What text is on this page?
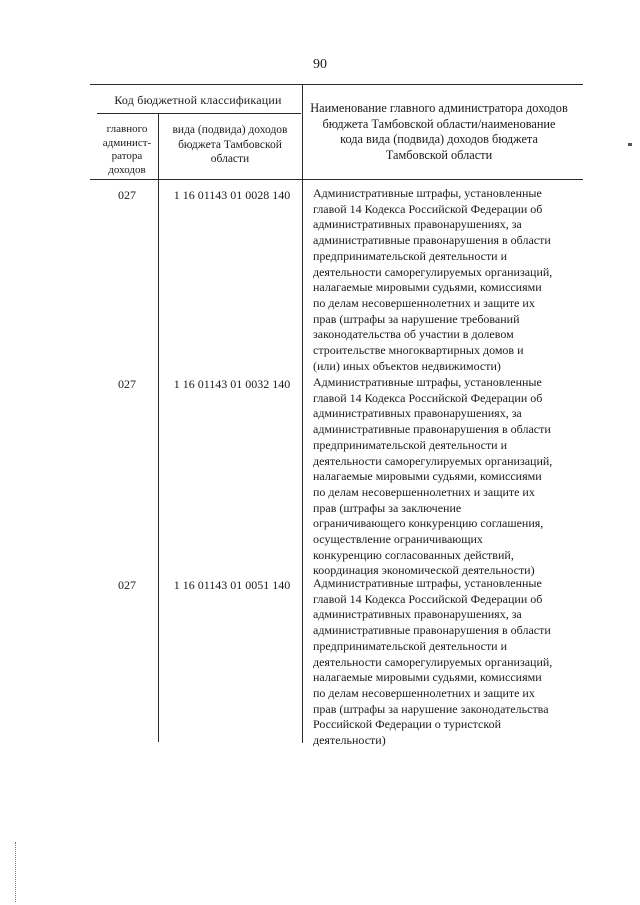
90
Код бюджетной классификации
главного
админист-
ратора
доходов
вида (подвида) доходов бюджета Тамбовской области
Наименование главного администратора доходов бюджета Тамбовской области/наименование кода вида (подвида) доходов бюджета Тамбовской области
027	1 16 01143 01 0028 140	Административные штрафы, установленные
главой 14 Кодекса Российской Федерации об
административных правонарушениях, за
административные правонарушения в области
предпринимательской деятельности и
деятельности саморегулируемых организаций,
налагаемые мировыми судьями, комиссиями
по делам несовершеннолетних и защите их
прав (штрафы за нарушение требований
законодательства об участии в долевом
строительстве многоквартирных домов и
(или) иных объектов недвижимости)
027	1 16 01143 01 0032 140	Административные штрафы, установленные
главой 14 Кодекса Российской Федерации об
административных правонарушениях, за
административные правонарушения в области
предпринимательской деятельности и
деятельности саморегулируемых организаций,
налагаемые мировыми судьями, комиссиями
по делам несовершеннолетних и защите их
прав (штрафы за заключение
ограничивающего конкуренцию соглашения,
осуществление ограничивающих
конкуренцию согласованных действий,
координация экономической деятельности)
027	1 16 01143 01 0051 140	Административные штрафы, установленные
главой 14 Кодекса Российской Федерации об
административных правонарушениях, за
административные правонарушения в области
предпринимательской деятельности и
деятельности саморегулируемых организаций,
налагаемые мировыми судьями, комиссиями
по делам несовершеннолетних и защите их
прав (штрафы за нарушение законодательства
Российской Федерации о туристской
деятельности)
